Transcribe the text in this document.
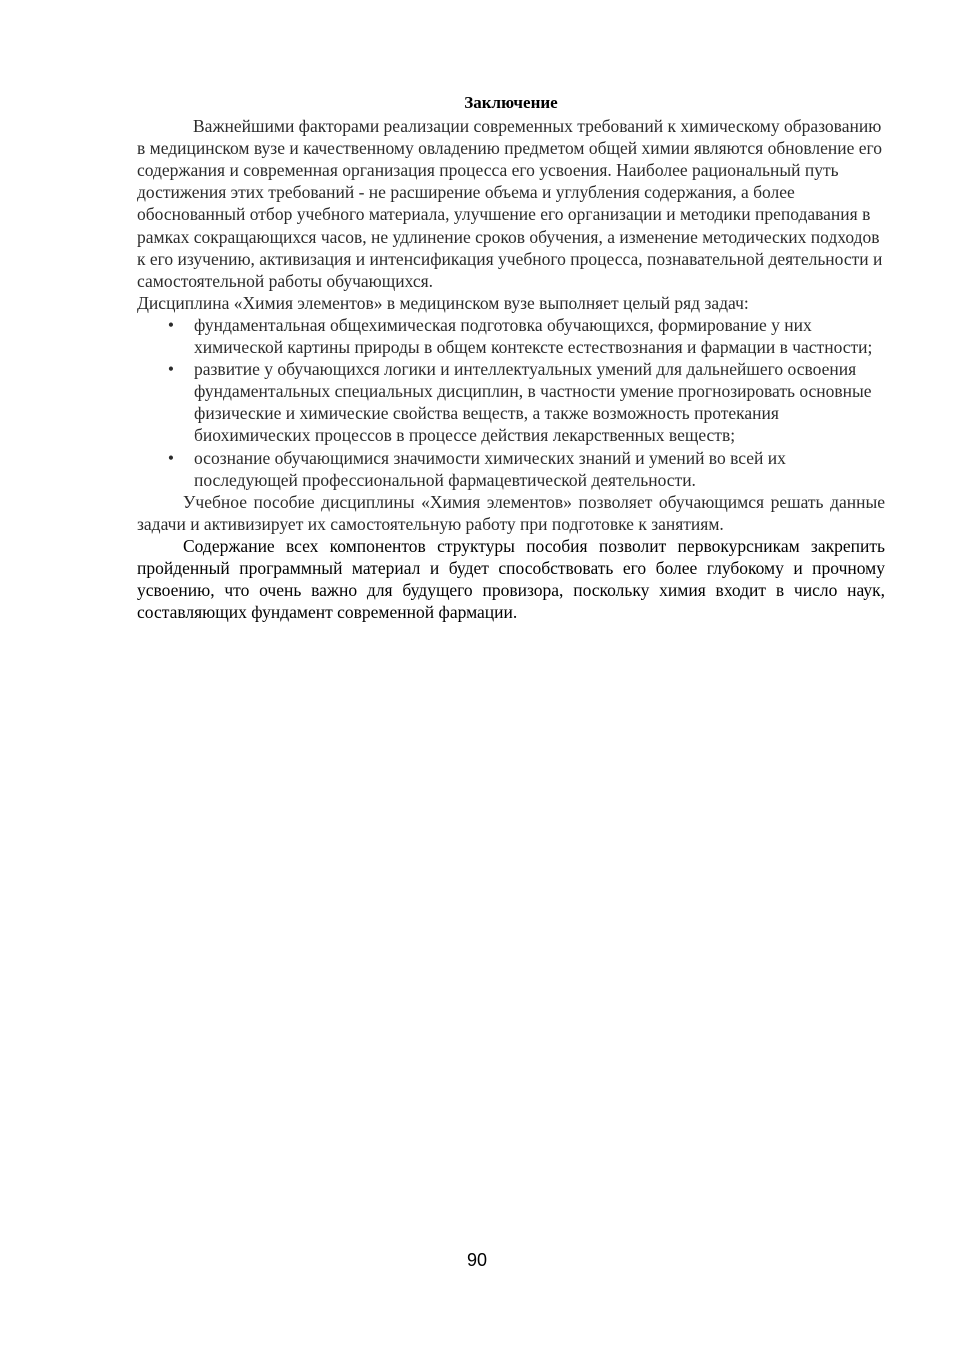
Заключение

Важнейшими факторами реализации современных требований к химическому образованию в медицинском вузе и качественному овладению предметом общей химии являются обновление его содержания и современная организация процесса его усвоения. Наиболее рациональный путь достижения этих требований - не расширение объема и углубления содержания, а более обоснованный отбор учебного материала, улучшение его организации и методики преподавания в рамках сокращающихся часов, не удлинение сроков обучения, а изменение методических подходов к его изучению, активизация и интенсификация учебного процесса, познавательной деятельности и самостоятельной работы обучающихся.

Дисциплина «Химия элементов» в медицинском вузе выполняет целый ряд задач:

• фундаментальная общехимическая подготовка обучающихся, формирование у них химической картины природы в общем контексте естествознания и фармации в частности;
• развитие у обучающихся логики и интеллектуальных умений для дальнейшего освоения фундаментальных специальных дисциплин, в частности умение прогнозировать основные физические и химические свойства веществ, а также возможность протекания биохимических процессов в процессе действия лекарственных веществ;
• осознание обучающимися значимости химических знаний и умений во всей их последующей профессиональной фармацевтической деятельности.

Учебное пособие дисциплины «Химия элементов» позволяет обучающимся решать данные задачи и активизирует их самостоятельную работу при подготовке к занятиям.

Содержание всех компонентов структуры пособия позволит первокурсникам закрепить пройденный программный материал и будет способствовать его более глубокому и прочному усвоению, что очень важно для будущего провизора, поскольку химия входит в число наук, составляющих фундамент современной фармации.

90
